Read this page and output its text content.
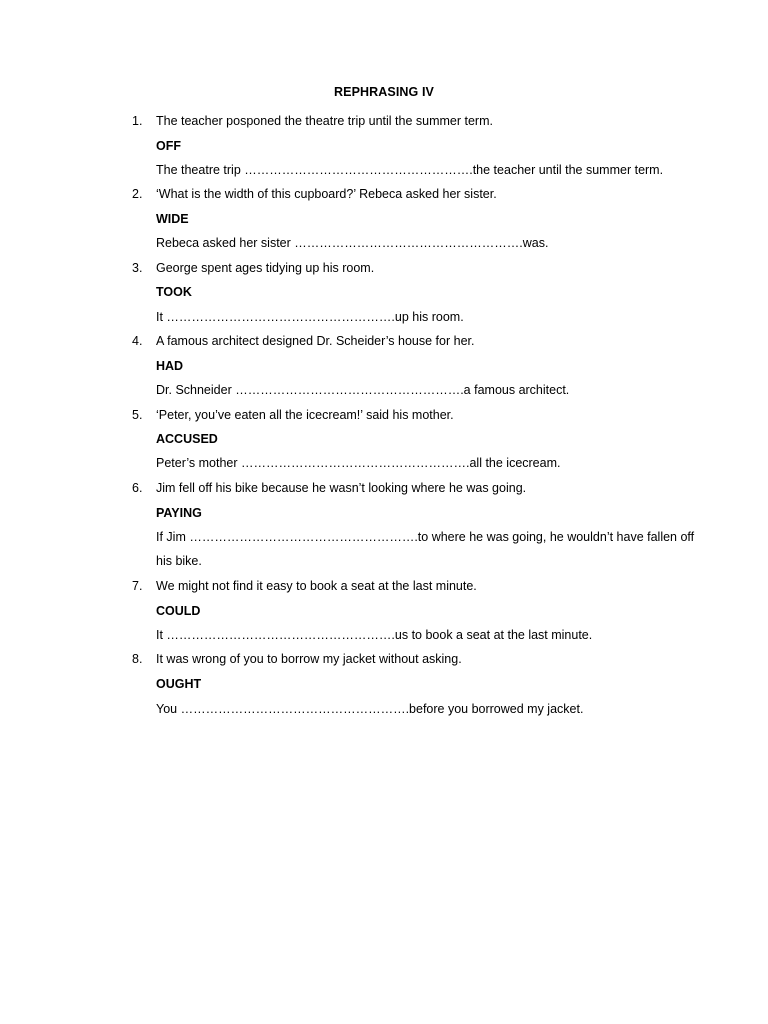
REPHRASING IV
1.	The teacher posponed the theatre trip until the summer term.
OFF
The theatre trip ……………………………………………….the teacher until the summer term.
2.	‘What is the width of this cupboard?’ Rebeca asked her sister.
WIDE
Rebeca asked her sister ……………………………………………….was.
3.	George spent ages tidying up his room.
TOOK
It ……………………………………………….up his room.
4.	A famous architect designed Dr. Scheider’s house for her.
HAD
Dr. Schneider ……………………………………………….a famous architect.
5.	‘Peter, you’ve eaten all the icecream!’ said his mother.
ACCUSED
Peter’s mother ……………………………………………….all the icecream.
6.	Jim fell off his bike because he wasn’t looking where he was going.
PAYING
If Jim ……………………………………………….to where he was going, he wouldn’t have fallen off
his bike.
7.	We might not find it easy to book a seat at the last minute.
COULD
It ……………………………………………….us to book a seat at the last minute.
8.	It was wrong of you to borrow my jacket without asking.
OUGHT
You ……………………………………………….before you borrowed my jacket.
